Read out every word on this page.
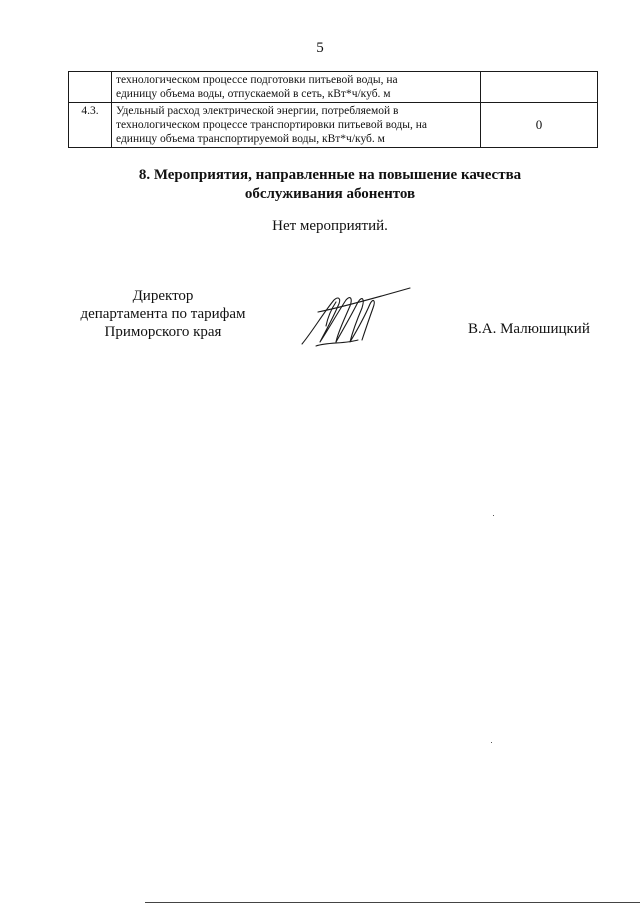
5

	технологическом процессе подготовки питьевой воды, на
единицу объема воды, отпускаемой в сеть, кВт*ч/куб. м	

4.3.	Удельный расход электрической энергии, потребляемой в
технологическом процессе транспортировки питьевой воды, на
единицу объема транспортируемой воды, кВт*ч/куб. м	0
8. Мероприятия, направленные на повышение качества
обслуживания абонентов
Нет мероприятий.
Директор
департамента по тарифам
Приморского края	В.А. Малюшицкий
